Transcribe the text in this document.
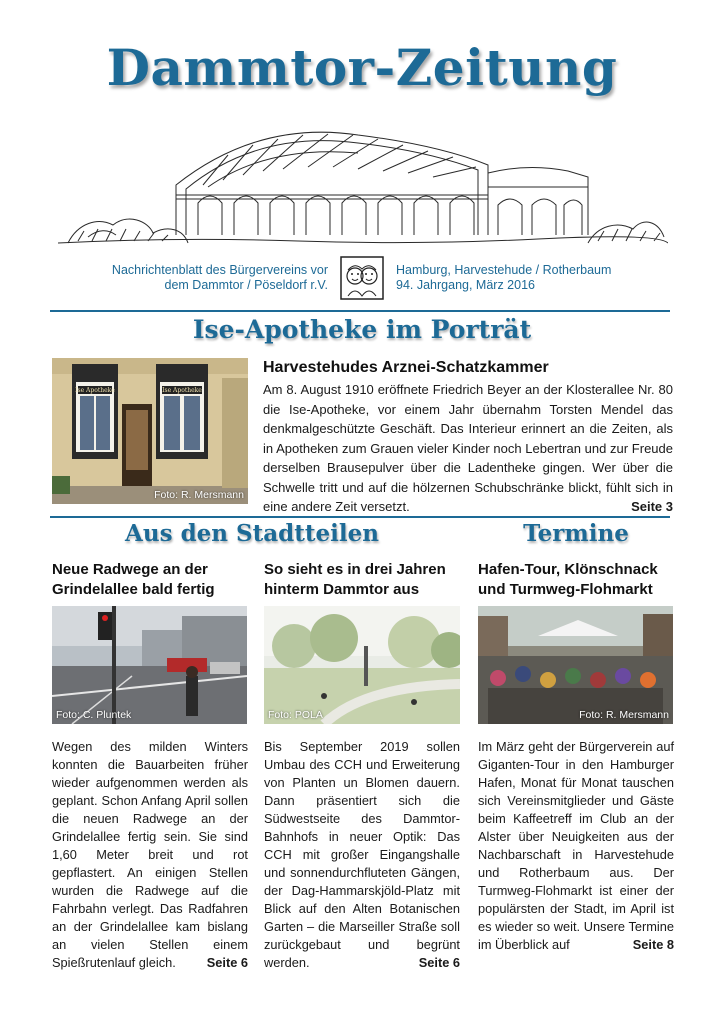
Dammtor-Zeitung
Nachrichtenblatt des Bürgervereins vor dem Dammtor / Pöseldorf r.V.
Hamburg, Harvestehude / Rotherbaum
94. Jahrgang, März 2016
Ise-Apotheke im Porträt
Ise Apotheke	Ise Apotheke
Foto: R. Mersmann
Harvestehudes Arznei-Schatzkammer
Am 8. August 1910 eröffnete Friedrich Beyer an der Klosterallee Nr. 80 die Ise-Apotheke, vor einem Jahr übernahm Torsten Mendel das denkmalgeschützte Geschäft. Das Interieur erinnert an die Zeiten, als in Apotheken zum Grauen vieler Kinder noch Lebertran und zur Freude derselben Brausepulver über die Ladentheke gingen. Wer über die Schwelle tritt und auf die hölzernen Schubschränke blickt, fühlt sich in eine andere Zeit versetzt.	Seite 3
Aus den Stadtteilen	Termine
Neue Radwege an der Grindelallee bald fertig
Foto: C. Pluntek
Wegen des milden Winters konnten die Bauarbeiten früher wieder aufgenommen werden als geplant. Schon Anfang April sollen die neuen Radwege an der Grindelallee fertig sein. Sie sind 1,60 Meter breit und rot gepflastert. An einigen Stellen wurden die Radwege auf die Fahrbahn verlegt. Das Radfahren an der Grindelallee kam bislang an vielen Stellen einem Spießrutenlauf gleich. Seite 6
So sieht es in drei Jahren hinterm Dammtor aus
Foto: POLA
Bis September 2019 sollen Umbau des CCH und Erweiterung von Planten un Blomen dauern. Dann präsentiert sich die Südwestseite des Dammtor-Bahnhofs in neuer Optik: Das CCH mit großer Eingangshalle und sonnendurchfluteten Gängen, der Dag-Hammarskjöld-Platz mit Blick auf den Alten Botanischen Garten – die Marseiller Straße soll zurückgebaut und begrünt werden.	Seite 6
Hafen-Tour, Klönschnack und Turmweg-Flohmarkt
Foto: R. Mersmann
Im März geht der Bürgerverein auf Giganten-Tour in den Hamburger Hafen, Monat für Monat tauschen sich Vereinsmitglieder und Gäste beim Kaffeetreff im Club an der Alster über Neuigkeiten aus der Nachbarschaft in Harvestehude und Rotherbaum aus. Der Turmweg-Flohmarkt ist einer der populärsten der Stadt, im April ist es wieder so weit. Unsere Termine im Überblick auf	Seite 8
